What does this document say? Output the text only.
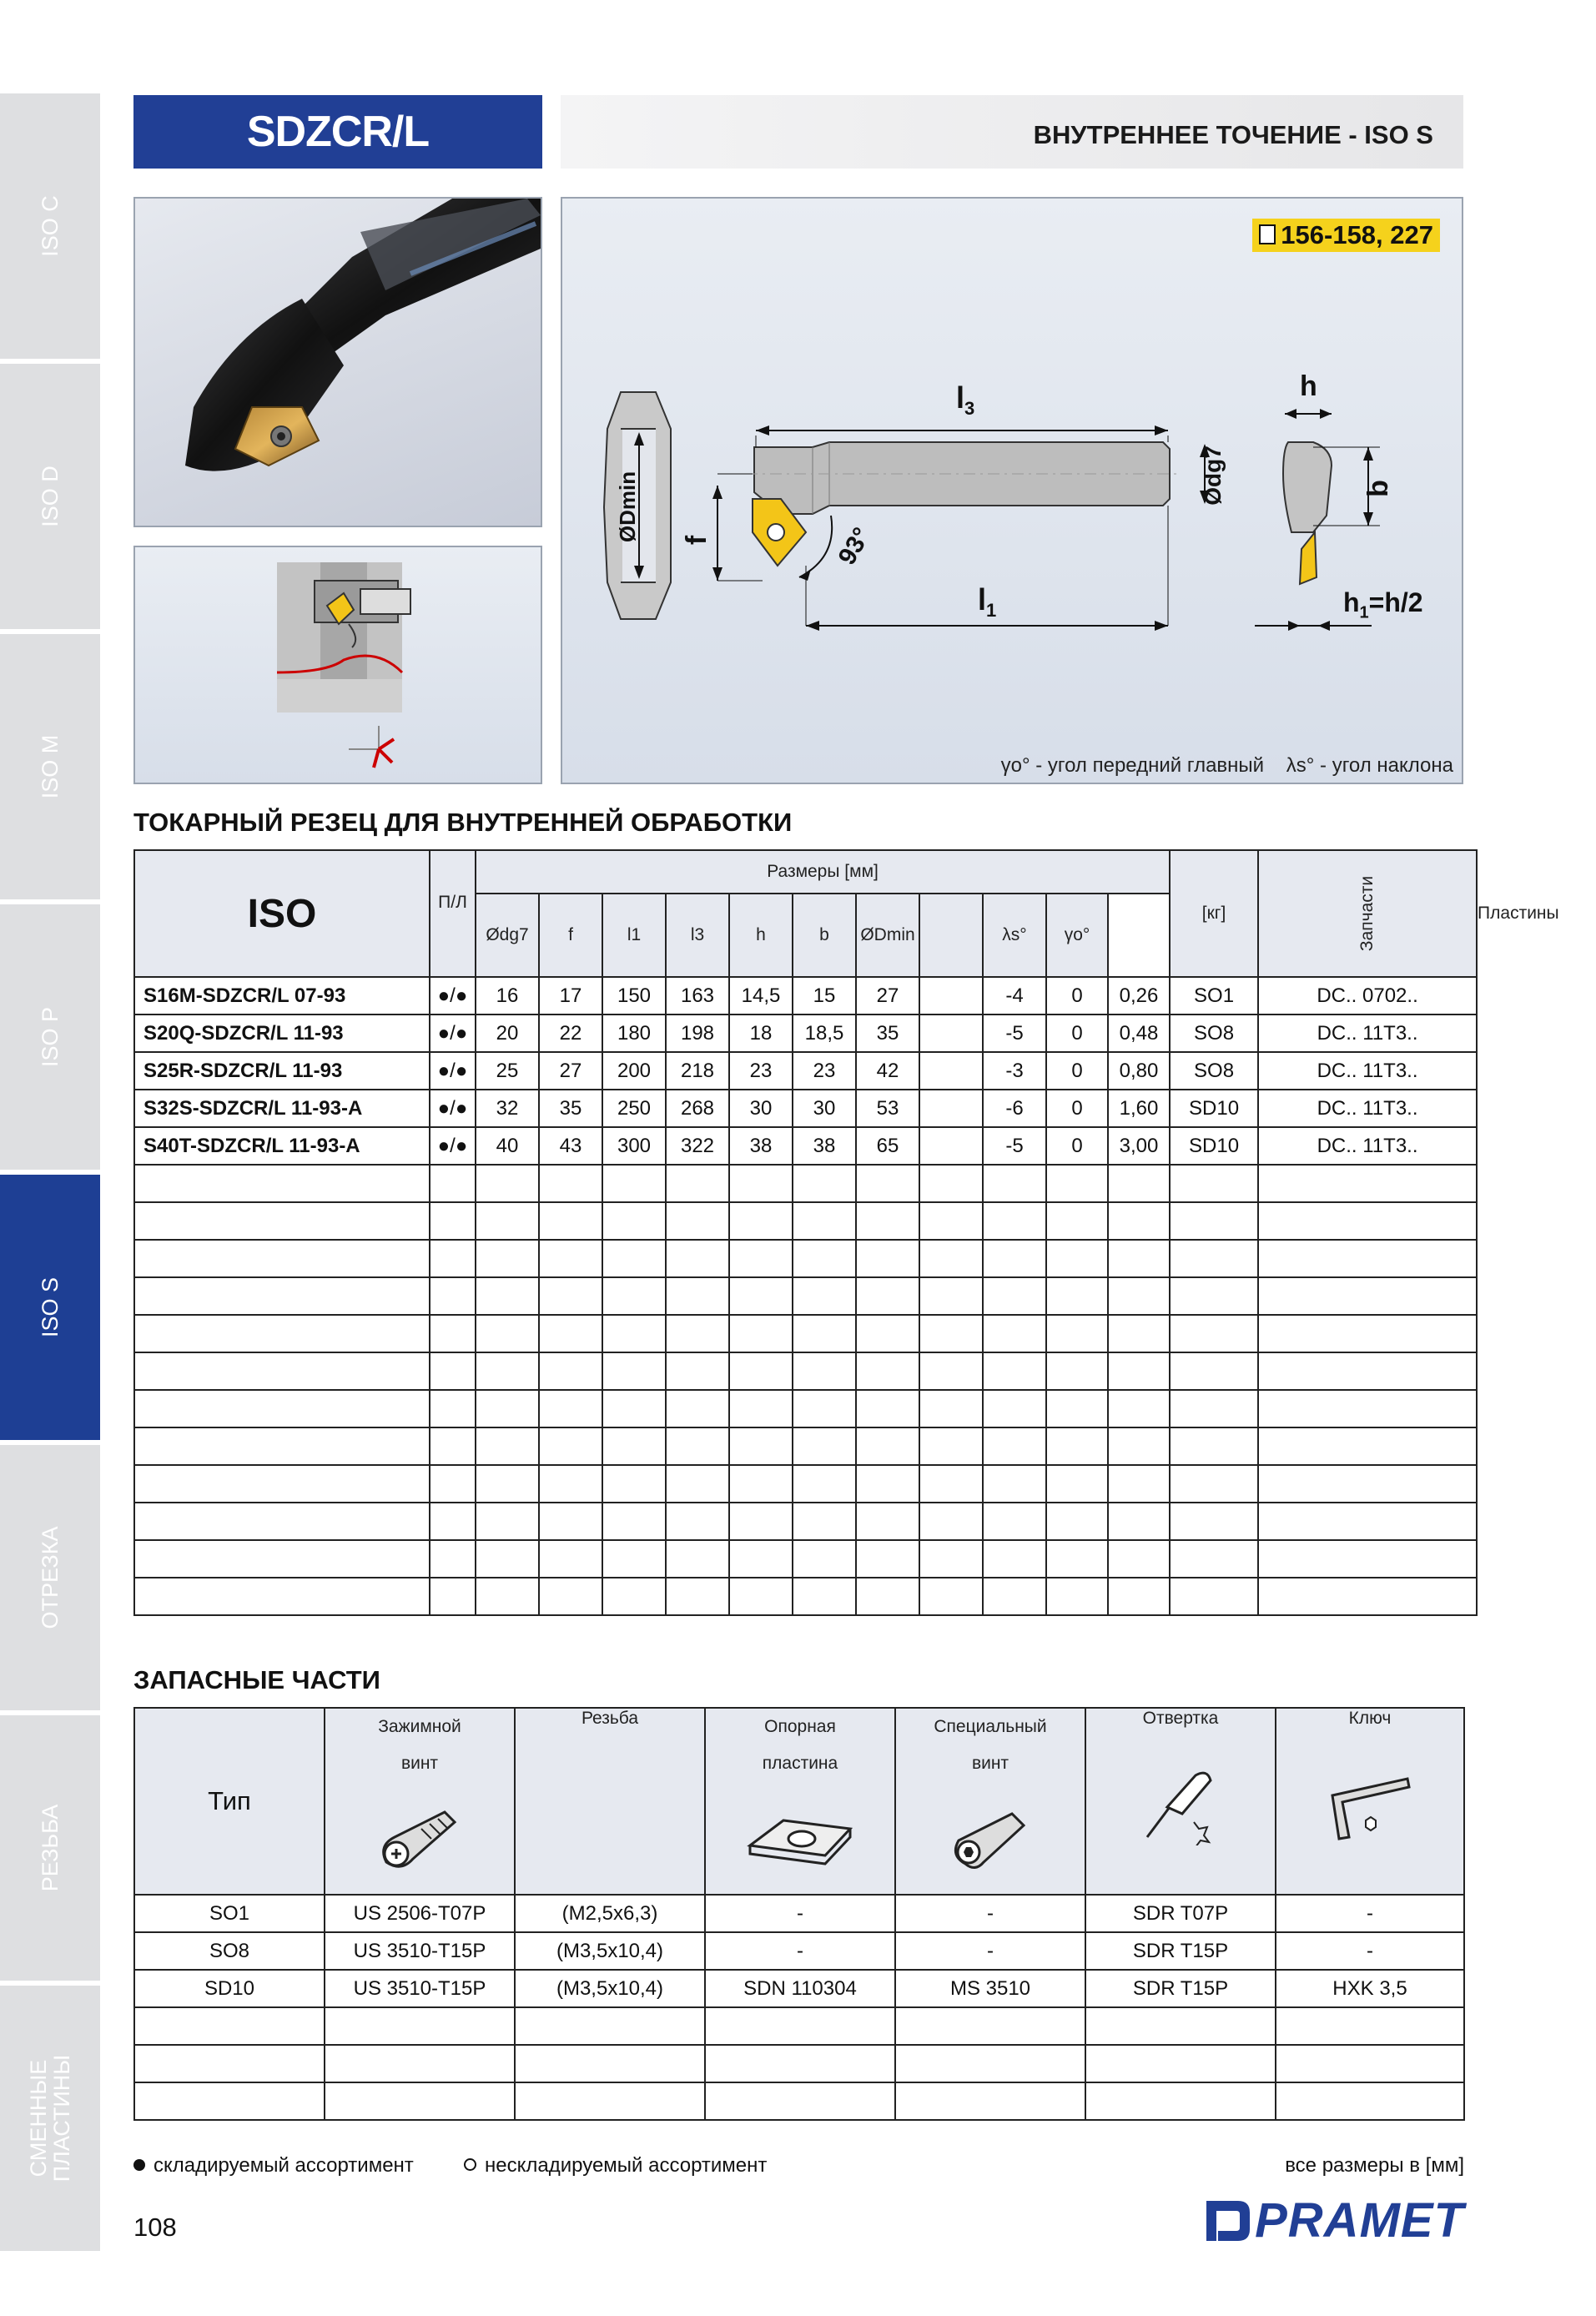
ISO C
ISO D
ISO M
ISO P
ISO S
ОТРЕЗКА
РЕЗЬБА
СМЕННЫЕ ПЛАСТИНЫ
SDZCR/L	ВНУТРЕННЕЕ ТОЧЕНИЕ - ISO S
156-158, 227
$l_3$
$l_1$
h
b
f
ØDmin	Ødg7
93°
$h_1=h/2$
γo° - угол передний главный    λs° - угол наклона
ТОКАРНЫЙ РЕЗЕЦ ДЛЯ ВНУТРЕННЕЙ ОБРАБОТКИ
ISO	П/Л	Размеры [мм]											[кг]	Запчасти	Пластины
		Ødg7	f	l1	l3	h	b	ØDmin		λs°	γo°				
S16M-SDZCR/L 07-93	●/●	16	17	150	163	14,5	15	27		-4	0	0,26	SO1	DC.. 0702..	
S20Q-SDZCR/L 11-93	●/●	20	22	180	198	18	18,5	35		-5	0	0,48	SO8	DC.. 11T3..	
S25R-SDZCR/L 11-93	●/●	25	27	200	218	23	23	42		-3	0	0,80	SO8	DC.. 11T3..	
S32S-SDZCR/L 11-93-A	●/●	32	35	250	268	30	30	53		-6	0	1,60	SD10	DC.. 11T3..	
S40T-SDZCR/L 11-93-A	●/●	40	43	300	322	38	38	65		-5	0	3,00	SD10	DC.. 11T3..	

ЗАПАСНЫЕ ЧАСТИ
Тип	Зажимной винт	Резьба	Опорная пластина	Специальный винт	Отвертка	Ключ

SO1	US 2506-T07P	(M2,5x6,3)	-	-	SDR T07P	-
SO8	US 3510-T15P	(M3,5x10,4)	-	-	SDR T15P	-
SD10	US 3510-T15P	(M3,5x10,4)	SDN 110304	MS 3510	SDR T15P	HXK 3,5

складируемый ассортимент	нескладируемый ассортимент	все размеры в [мм]
108	PRAMET
